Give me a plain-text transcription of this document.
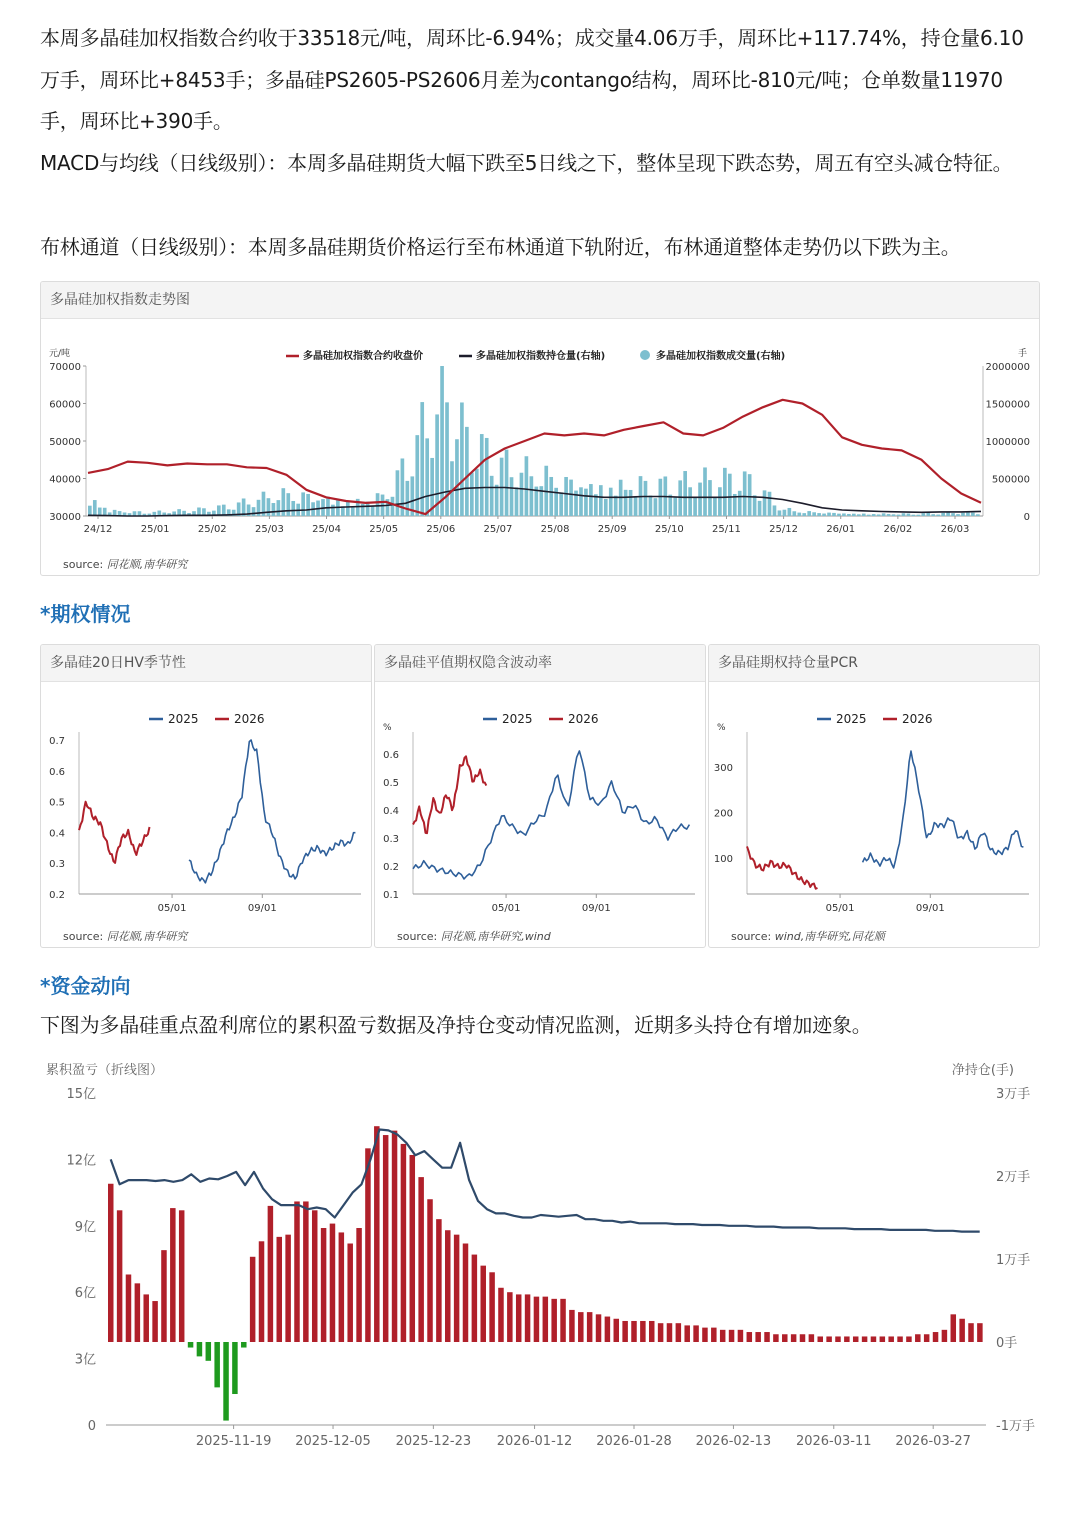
本周多晶硅加权指数合约收于33518元/吨，周环比-6.94%；成交量4.06万手，周环比+117.74%，持仓量6.10万手，周环比+8453手；多晶硅PS2605-PS2606月差为contango结构，周环比-810元/吨；仓单数量11970手，周环比+390手。

MACD与均线（日线级别）：本周多晶硅期货大幅下跌至5日线之下，整体呈现下跌态势，周五有空头减仓特征。

布林通道（日线级别）：本周多晶硅期货价格运行至布林通道下轨附近，布林通道整体走势仍以下跌为主。

多晶硅加权指数走势图
元/吨	手
30000
40000
50000
60000
70000
0
500000
1000000
1500000
2000000
24/12	25/01	25/02	25/03	25/04	25/05	25/06	25/07	25/08	25/09	25/10	25/11	25/12	26/01	26/02	26/03
多晶硅加权指数合约收盘价	多晶硅加权指数持仓量(右轴)	多晶硅加权指数成交量(右轴)
source: 同花顺,南华研究

*期权情况

多晶硅20日HV季节性
0.2
0.3
0.4
0.5
0.6
0.7
05/01	09/01
2025	2026
source: 同花顺,南华研究
多晶硅平值期权隐含波动率
%
0.1
0.2
0.3
0.4
0.5
0.6
05/01	09/01
2025	2026
source: 同花顺,南华研究,wind
多晶硅期权持仓量PCR
%
100
200
300
05/01	09/01
2025	2026
source: wind,南华研究,同花顺

*资金动向

下图为多晶硅重点盈利席位的累积盈亏数据及净持仓变动情况监测，近期多头持仓有增加迹象。

累积盈亏（折线图）	净持仓(手)
0
3亿
6亿
9亿
12亿
15亿
-1万手
0手
1万手
2万手
3万手
2025-11-19 2025-12-05 2025-12-23 2026-01-12 2026-01-28 2026-02-13 2026-03-11 2026-03-27
